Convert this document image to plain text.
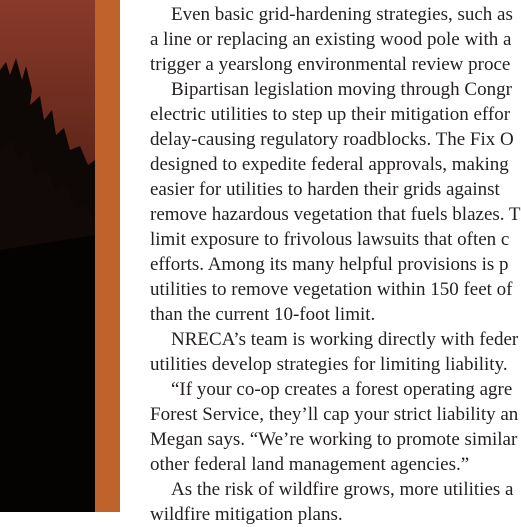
Even basic grid-hardening strategies, such as
a line or replacing an existing wood pole with a
trigger a yearslong environmental review proce
Bipartisan legislation moving through Congr
electric utilities to step up their mitigation effor
delay-causing regulatory roadblocks. The Fix O
designed to expedite federal approvals, making
easier for utilities to harden their grids against
remove hazardous vegetation that fuels blazes. T
limit exposure to frivolous lawsuits that often c
efforts. Among its many helpful provisions is p
utilities to remove vegetation within 150 feet of
than the current 10-foot limit.
NRECA’s team is working directly with feder
utilities develop strategies for limiting liability.
“If your co-op creates a forest operating agre
Forest Service, they’ll cap your strict liability an
Megan says. “We’re working to promote similar
other federal land management agencies.”
As the risk of wildfire grows, more utilities a
wildfire mitigation plans.
